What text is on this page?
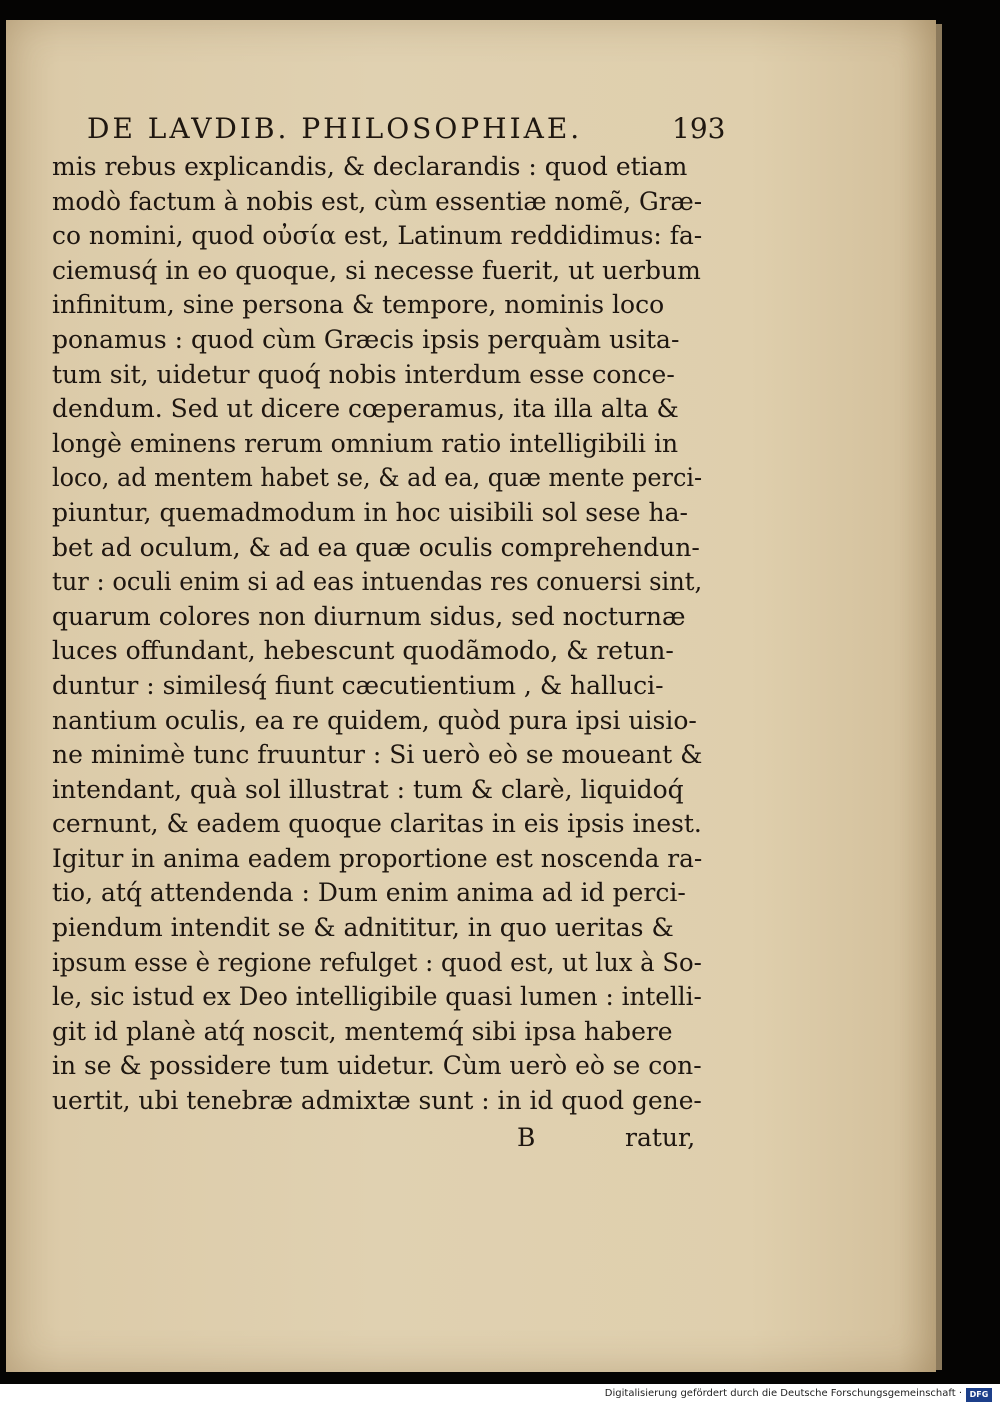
DE LAVDIB. PHILOSOPHIAE.	193
mis rebus explicandis, & declarandis : quod etiam
modò factum à nobis est, cùm essentiæ nomẽ, Græ-
co nomini, quod οὐσία est, Latinum reddidimus: fa-
ciemusq́ in eo quoque, si necesse fuerit, ut uerbum
infinitum, sine persona & tempore, nominis loco
ponamus : quod cùm Græcis ipsis perquàm usita-
tum sit, uidetur quoq́ nobis interdum esse conce-
dendum. Sed ut dicere cœperamus, ita illa alta &
longè eminens rerum omnium ratio intelligibili in
loco, ad mentem habet se, & ad ea, quæ mente perci-
piuntur, quemadmodum in hoc uisibili sol sese ha-
bet ad oculum, & ad ea quæ oculis comprehendun-
tur : oculi enim si ad eas intuendas res conuersi sint,
quarum colores non diurnum sidus, sed nocturnæ
luces offundant, hebescunt quodãmodo, & retun-
duntur : similesq́ fiunt cæcutientium , & halluci-
nantium oculis, ea re quidem, quòd pura ipsi uisio-
ne minimè tunc fruuntur : Si uerò eò se moueant &
intendant, quà sol illustrat : tum & clarè, liquidoq́
cernunt, & eadem quoque claritas in eis ipsis inest.
Igitur in anima eadem proportione est noscenda ra-
tio, atq́ attendenda : Dum enim anima ad id perci-
piendum intendit se & adnititur, in quo ueritas &
ipsum esse è regione refulget : quod est, ut lux à So-
le, sic istud ex Deo intelligibile quasi lumen : intelli-
git id planè atq́ noscit, mentemq́ sibi ipsa habere
in se & possidere tum uidetur. Cùm uerò eò se con-
uertit, ubi tenebræ admixtæ sunt : in id quod gene-
B	ratur,
Digitalisierung gefördert durch die Deutsche Forschungsgemeinschaft · DFG
